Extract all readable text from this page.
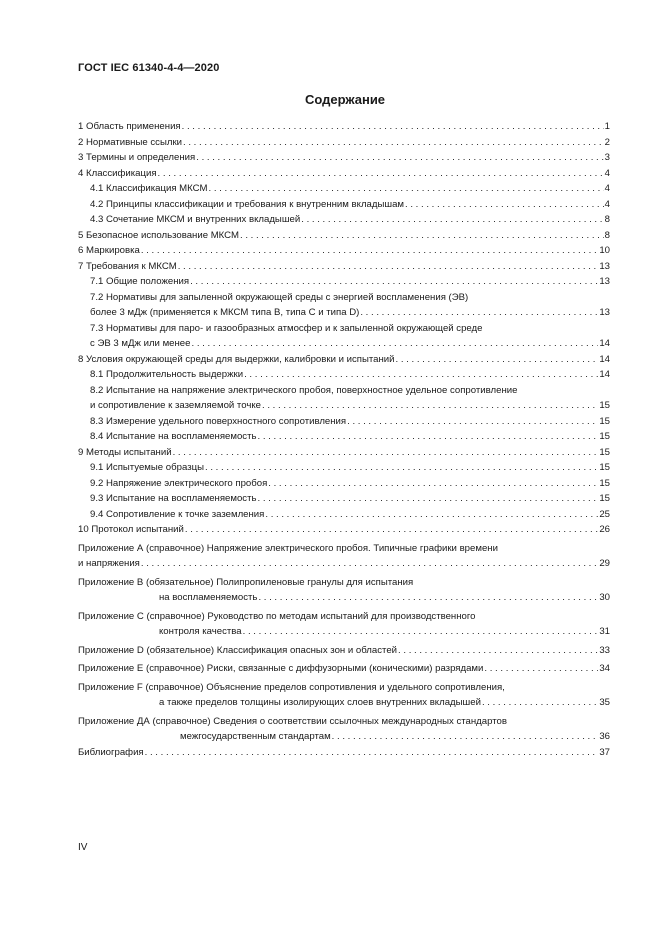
ГОСТ IEC 61340-4-4—2020
Содержание
1 Область применения . . .	1
2 Нормативные ссылки . . .	2
3 Термины и определения . . .	3
4 Классификация . . .	4
4.1 Классификация МКСМ . . .	4
4.2 Принципы классификации и требования к внутренним вкладышам . . .	4
4.3 Сочетание МКСМ и внутренних вкладышей . . .	8
5 Безопасное использование МКСМ . . .	8
6 Маркировка . . .	10
7 Требования к МКСМ . . .	13
7.1 Общие положения . . .	13
7.2 Нормативы для запыленной окружающей среды с энергией воспламенения (ЭВ)
более 3 мДж (применяется к МКСМ типа В, типа С и типа D) . . .	13
7.3 Нормативы для паро- и газообразных атмосфер и к запыленной окружающей среде
с ЭВ 3 мДж или менее . . .	14
8 Условия окружающей среды для выдержки, калибровки и испытаний . . .	14
8.1 Продолжительность выдержки . . .	14
8.2 Испытание на напряжение электрического пробоя, поверхностное удельное сопротивление
и сопротивление к заземляемой точке . . .	15
8.3 Измерение удельного поверхностного сопротивления . . .	15
8.4 Испытание на воспламеняемость . . .	15
9 Методы испытаний . . .	15
9.1 Испытуемые образцы . . .	15
9.2 Напряжение электрического пробоя . . .	15
9.3 Испытание на воспламеняемость . . .	15
9.4 Сопротивление к точке заземления . . .	25
10 Протокол испытаний . . .	26
Приложение А (справочное) Напряжение электрического пробоя. Типичные графики времени
и напряжения . . .	29
Приложение В (обязательное) Полипропиленовые гранулы для испытания
на воспламеняемость . . .	30
Приложение С (справочное) Руководство по методам испытаний для производственного
контроля качества . . .	31
Приложение D (обязательное) Классификация опасных зон и областей . . .	33
Приложение Е (справочное) Риски, связанные с диффузорными (коническими) разрядами . . .	34
Приложение F (справочное) Объяснение пределов сопротивления и удельного сопротивления,
а также пределов толщины изолирующих слоев внутренних вкладышей . . .	35
Приложение ДА (справочное) Сведения о соответствии ссылочных международных стандартов
межгосударственным стандартам . . .	36
Библиография . . .	37
IV
